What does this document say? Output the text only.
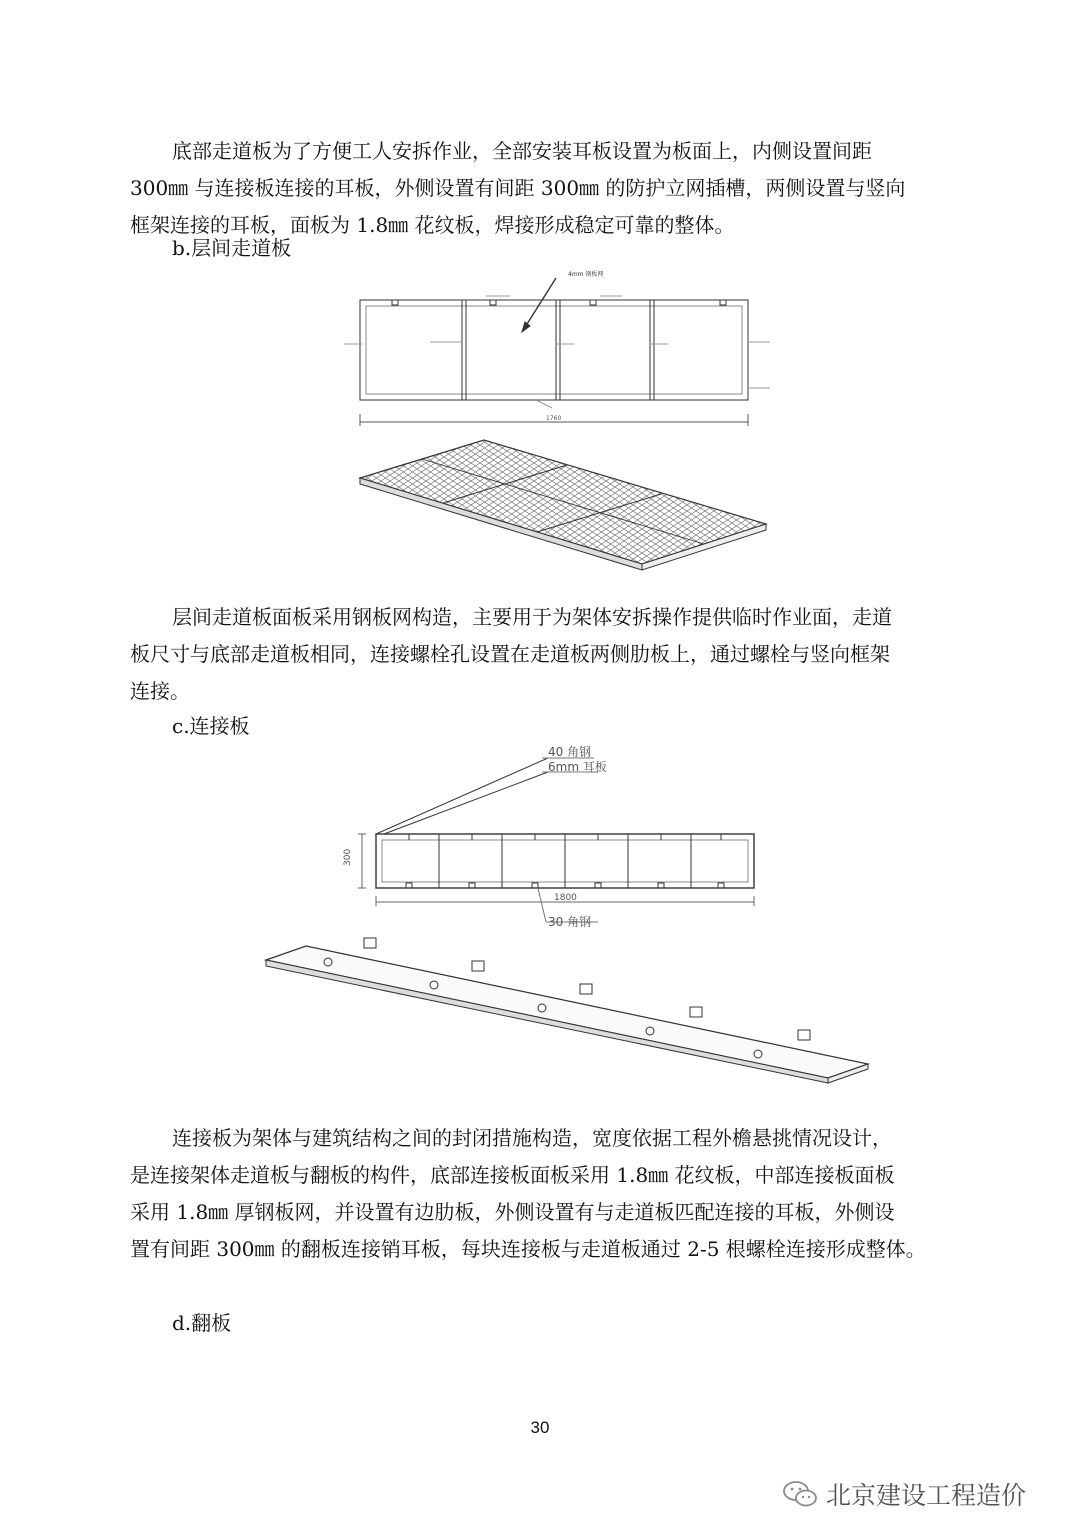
底部走道板为了方便工人安拆作业，全部安装耳板设置为板面上，内侧设置间距
300㎜ 与连接板连接的耳板，外侧设置有间距 300㎜ 的防护立网插槽，两侧设置与竖向
框架连接的耳板，面板为 1.8㎜ 花纹板，焊接形成稳定可靠的整体。
b.层间走道板
4mm 钢板网
1760
层间走道板面板采用钢板网构造，主要用于为架体安拆操作提供临时作业面，走道
板尺寸与底部走道板相同，连接螺栓孔设置在走道板两侧肋板上，通过螺栓与竖向框架
连接。
c.连接板
40 角钢
6mm 耳板
300
1800
30 角钢
连接板为架体与建筑结构之间的封闭措施构造，宽度依据工程外檐悬挑情况设计，
是连接架体走道板与翻板的构件，底部连接板面板采用 1.8㎜ 花纹板，中部连接板面板
采用 1.8㎜ 厚钢板网，并设置有边肋板，外侧设置有与走道板匹配连接的耳板，外侧设
置有间距 300㎜ 的翻板连接销耳板，每块连接板与走道板通过 2-5 根螺栓连接形成整体。
d.翻板
30
北京建设工程造价
